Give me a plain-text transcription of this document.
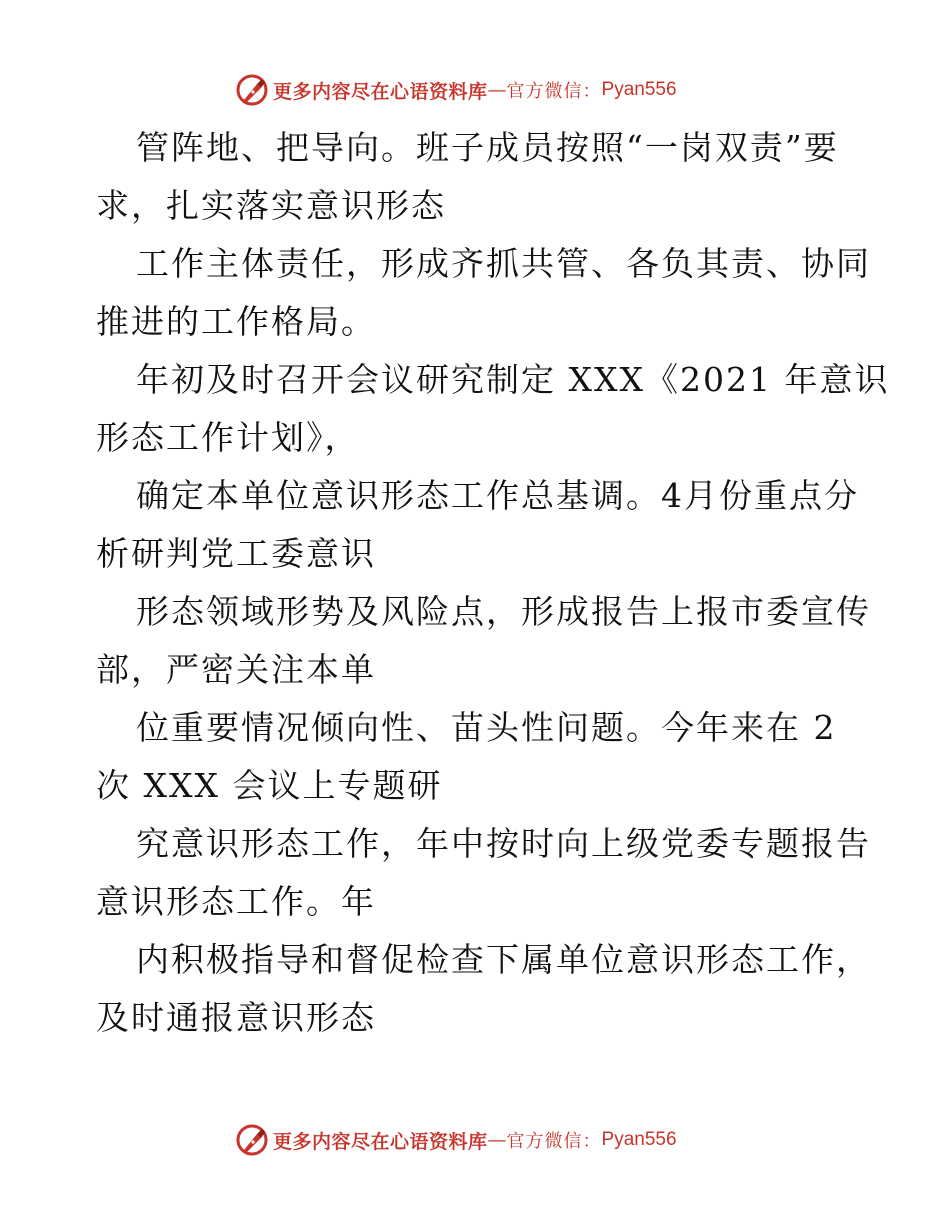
更多内容尽在心语资料库 — 官方微信： Pyan556
管阵地、把导向。班子成员按照“一岗双责”要
求，扎实落实意识形态
工作主体责任，形成齐抓共管、各负其责、协同
推进的工作格局。
年初及时召开会议研究制定 XXX《2021 年意识
形态工作计划》，
确定本单位意识形态工作总基调。4月份重点分
析研判党工委意识
形态领域形势及风险点，形成报告上报市委宣传
部，严密关注本单
位重要情况倾向性、苗头性问题。今年来在 2
次 XXX 会议上专题研
究意识形态工作，年中按时向上级党委专题报告
意识形态工作。年
内积极指导和督促检查下属单位意识形态工作，
及时通报意识形态
更多内容尽在心语资料库 — 官方微信： Pyan556
